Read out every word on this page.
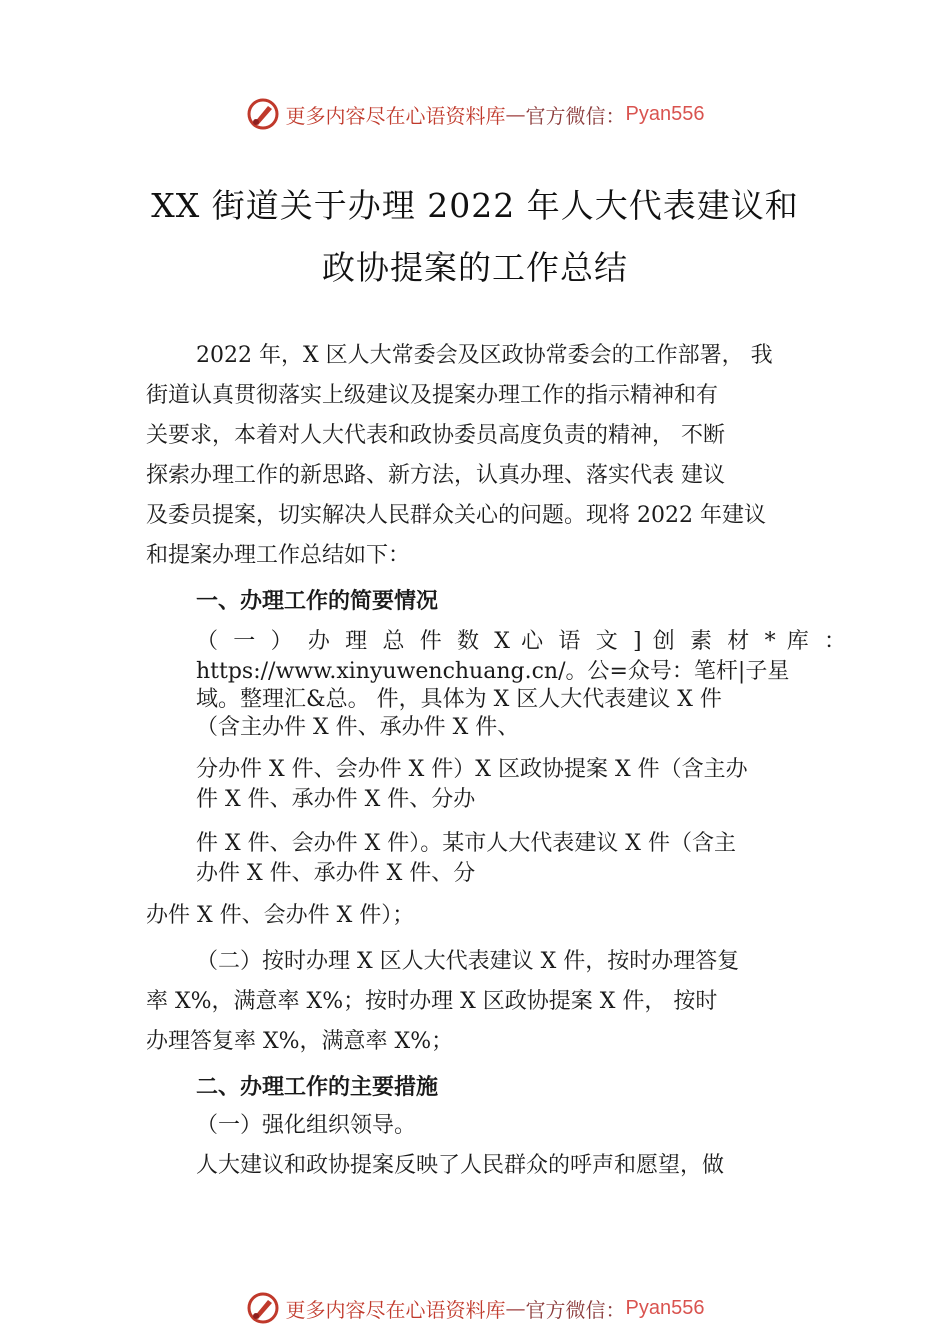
更多内容尽在心语资料库 — 官方微信： Pyan556
XX 街道关于办理 2022 年人大代表建议和
政协提案的工作总结

2022 年，X 区人大常委会及区政协常委会的工作部署， 我

街道认真贯彻落实上级建议及提案办理工作的指示精神和有

关要求，本着对人大代表和政协委员高度负责的精神， 不断

探索办理工作的新思路、新方法，认真办理、落实代表 建议

及委员提案，切实解决人民群众关心的问题。现将 2022 年建议

和提案办理工作总结如下：

一、办理工作的简要情况

（ 一 ） 办 理 总 件 数 X 心 语 文 ] 创 素 材 * 库 ：

https://www.xinyuwenchuang.cn/。公=众号：笔杆|子星

域。整理汇&总。 件，具体为 X 区人大代表建议 X 件

（含主办件 X 件、承办件 X 件、

分办件 X 件、会办件 X 件）X 区政协提案 X 件（含主办

件 X 件、承办件 X 件、分办

件 X 件、会办件 X 件）。某市人大代表建议 X 件（含主

办件 X 件、承办件 X 件、分

办件 X 件、会办件 X 件）；

（二）按时办理 X 区人大代表建议 X 件，按时办理答复

率 X%，满意率 X%；按时办理 X 区政协提案 X 件， 按时

办理答复率 X%，满意率 X%；

二、办理工作的主要措施

（一）强化组织领导。

人大建议和政协提案反映了人民群众的呼声和愿望，做

更多内容尽在心语资料库 — 官方微信： Pyan556
